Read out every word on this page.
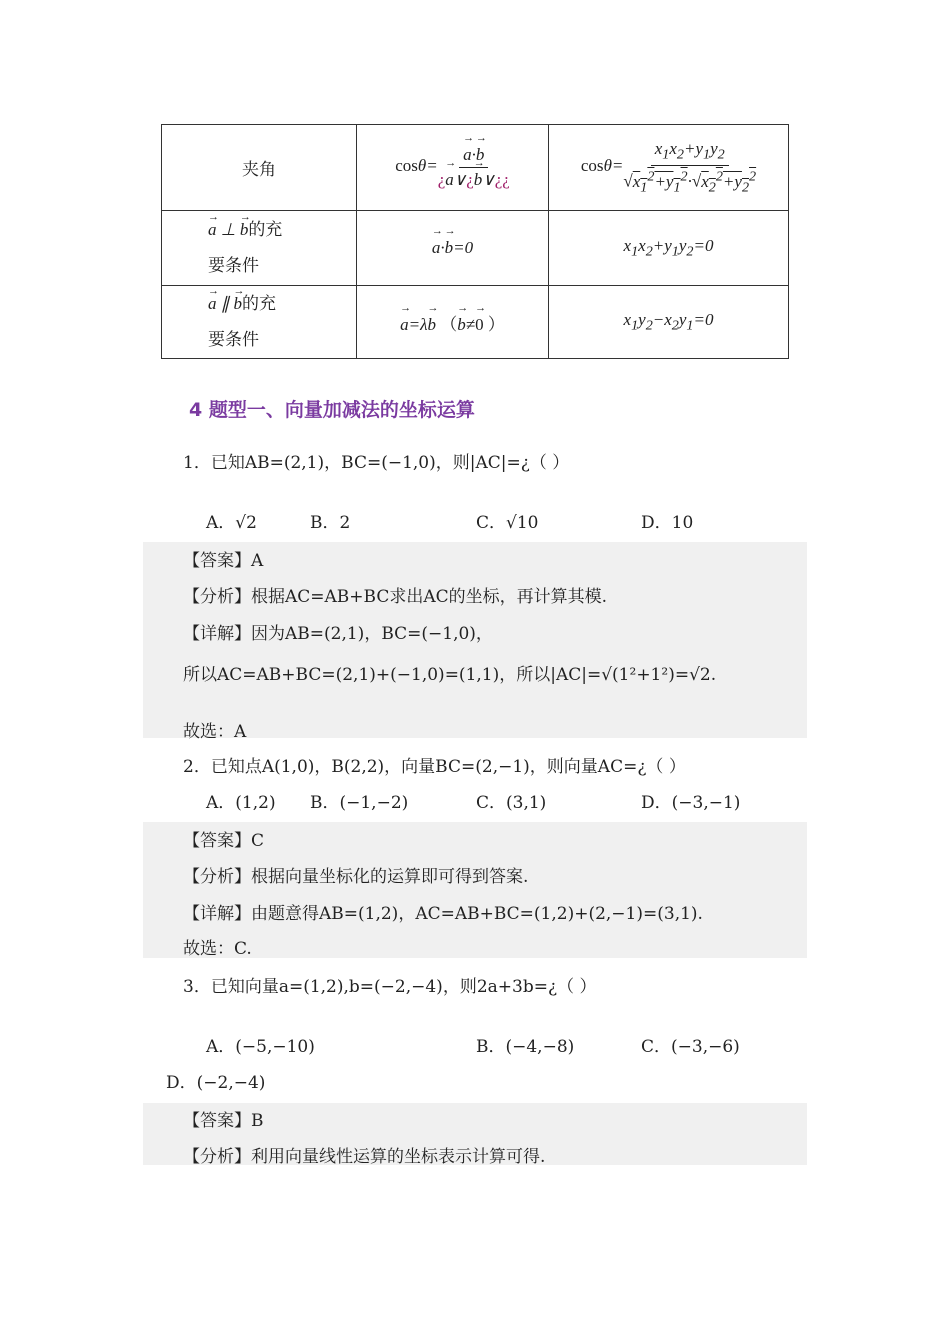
夹角	$\cos\theta= \frac{a \to\cdot b \to}{¿a \to\vee¿b \to\vee¿¿}$	$\cos\theta= \frac{x_1x_2+y_1y_2}{√x_1^2+y_1^2\cdot√x_2^2+y_2^2}$

a → ⊥ b →的充
要条件	a →·b →=0	$x_1x_2+y_1y_2=0$
a → ∥ b →的充
要条件	a →=λb → （b →≠0 → ）	$x_1y_2-x_2y_1=0$
4 题型一、向量加减法的坐标运算
1．已知AB=(2,1)，BC=(−1,0)，则|AC|=¿（ ）
A．√2	B．2	C．√10	D．10
【答案】A
【分析】根据AC=AB+BC求出AC的坐标，再计算其模.
【详解】因为AB=(2,1)，BC=(−1,0)，
所以AC=AB+BC=(2,1)+(−1,0)=(1,1)，所以|AC|=√(1²+1²)=√2.
故选：A
2．已知点A(1,0)，B(2,2)，向量BC=(2,−1)，则向量AC=¿（ ）
A．(1,2) B．(−1,−2)	C．(3,1)	D．(−3,−1)
【答案】C
【分析】根据向量坐标化的运算即可得到答案.
【详解】由题意得AB=(1,2)，AC=AB+BC=(1,2)+(2,−1)=(3,1).
故选：C.
3．已知向量a=(1,2),b=(−2,−4)，则2a+3b=¿（ ）
A．(−5,−10)	B．(−4,−8)	C．(−3,−6)
D．(−2,−4)
【答案】B
【分析】利用向量线性运算的坐标表示计算可得.
